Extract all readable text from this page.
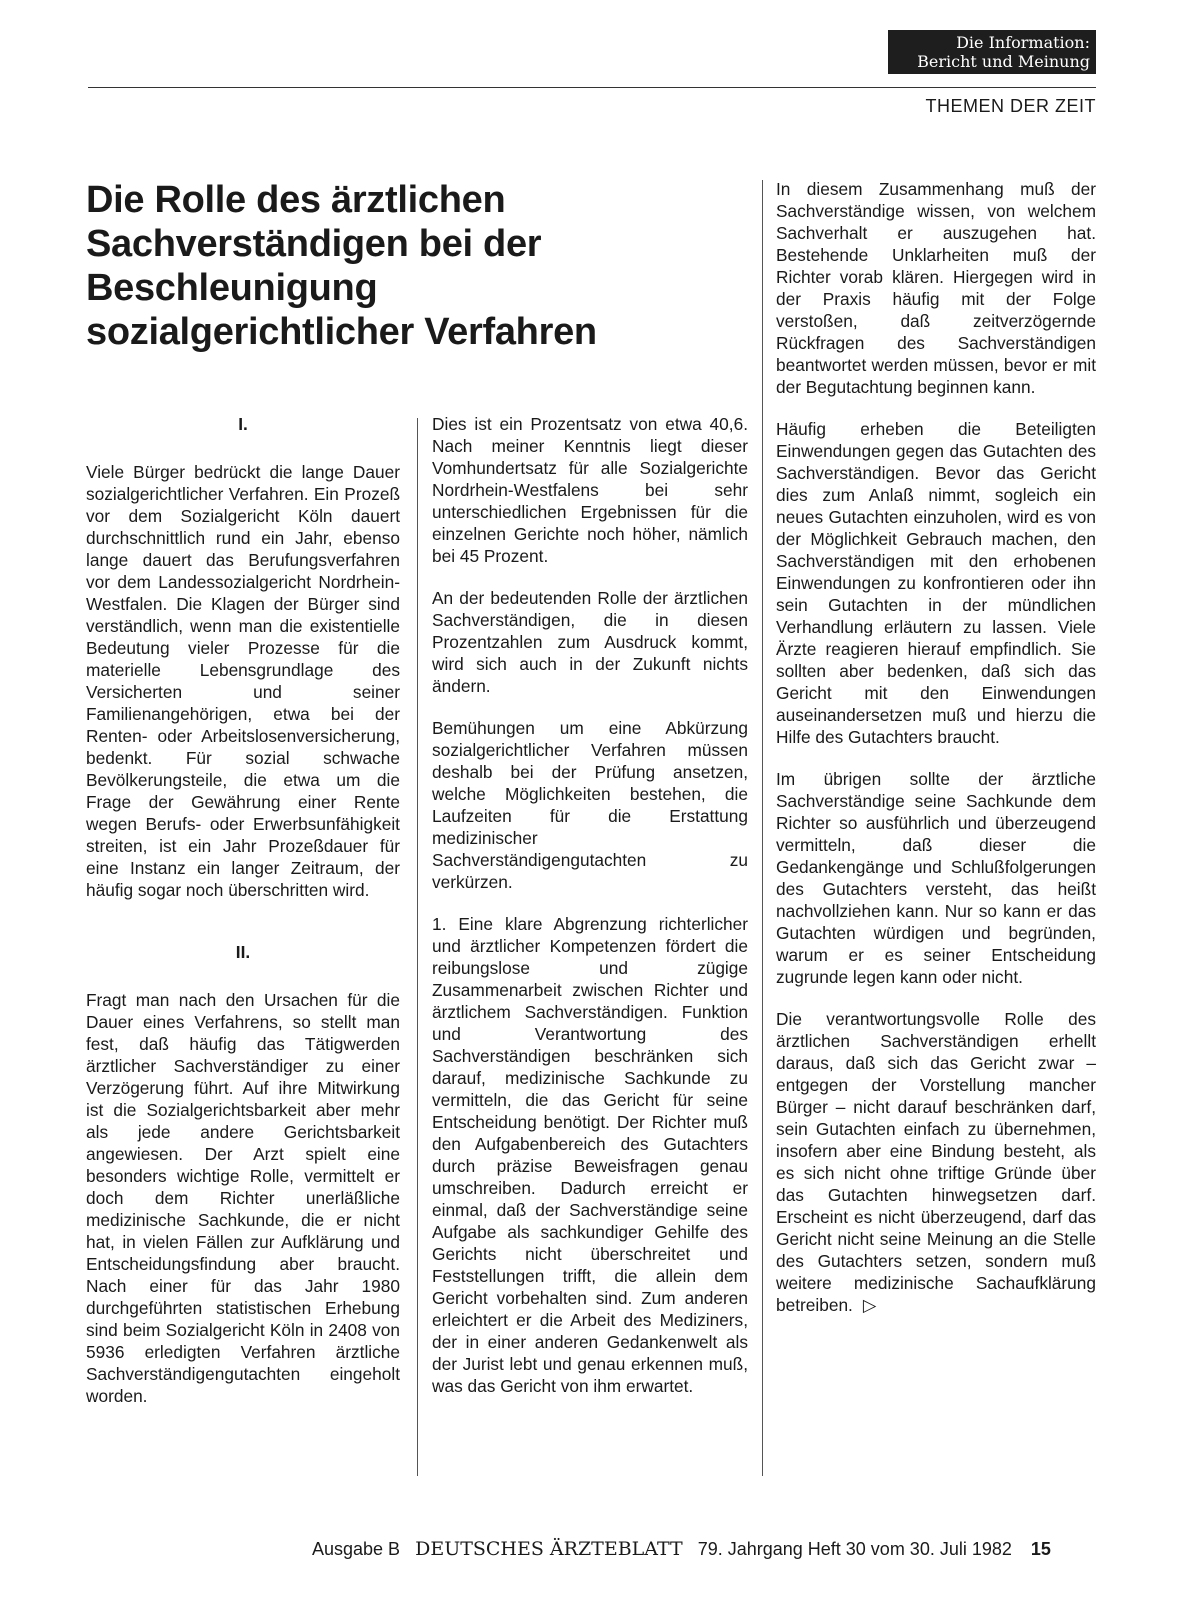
Die Information:
Bericht und Meinung
THEMEN DER ZEIT
Die Rolle des ärztlichen Sachverständigen bei der Beschleunigung sozialgerichtlicher Verfahren
I.

Viele Bürger bedrückt die lange Dauer sozialgerichtlicher Verfahren. Ein Prozeß vor dem Sozialgericht Köln dauert durchschnittlich rund ein Jahr, ebenso lange dauert das Berufungsverfahren vor dem Landessozialgericht Nordrhein-Westfalen. Die Klagen der Bürger sind verständlich, wenn man die existentielle Bedeutung vieler Prozesse für die materielle Lebensgrundlage des Versicherten und seiner Familienangehörigen, etwa bei der Renten- oder Arbeitslosenversicherung, bedenkt. Für sozial schwache Bevölkerungsteile, die etwa um die Frage der Gewährung einer Rente wegen Berufs- oder Erwerbsunfähigkeit streiten, ist ein Jahr Prozeßdauer für eine Instanz ein langer Zeitraum, der häufig sogar noch überschritten wird.

II.

Fragt man nach den Ursachen für die Dauer eines Verfahrens, so stellt man fest, daß häufig das Tätigwerden ärztlicher Sachverständiger zu einer Verzögerung führt. Auf ihre Mitwirkung ist die Sozialgerichtsbarkeit aber mehr als jede andere Gerichtsbarkeit angewiesen. Der Arzt spielt eine besonders wichtige Rolle, vermittelt er doch dem Richter unerläßliche medizinische Sachkunde, die er nicht hat, in vielen Fällen zur Aufklärung und Entscheidungsfindung aber braucht. Nach einer für das Jahr 1980 durchgeführten statistischen Erhebung sind beim Sozialgericht Köln in 2408 von 5936 erledigten Verfahren ärztliche Sachverständigengutachten eingeholt worden.

Dies ist ein Prozentsatz von etwa 40,6. Nach meiner Kenntnis liegt dieser Vomhundertsatz für alle Sozialgerichte Nordrhein-Westfalens bei sehr unterschiedlichen Ergebnissen für die einzelnen Gerichte noch höher, nämlich bei 45 Prozent.

An der bedeutenden Rolle der ärztlichen Sachverständigen, die in diesen Prozentzahlen zum Ausdruck kommt, wird sich auch in der Zukunft nichts ändern.

Bemühungen um eine Abkürzung sozialgerichtlicher Verfahren müssen deshalb bei der Prüfung ansetzen, welche Möglichkeiten bestehen, die Laufzeiten für die Erstattung medizinischer Sachverständigengutachten zu verkürzen.

1. Eine klare Abgrenzung richterlicher und ärztlicher Kompetenzen fördert die reibungslose und zügige Zusammenarbeit zwischen Richter und ärztlichem Sachverständigen. Funktion und Verantwortung des Sachverständigen beschränken sich darauf, medizinische Sachkunde zu vermitteln, die das Gericht für seine Entscheidung benötigt. Der Richter muß den Aufgabenbereich des Gutachters durch präzise Beweisfragen genau umschreiben. Dadurch erreicht er einmal, daß der Sachverständige seine Aufgabe als sachkundiger Gehilfe des Gerichts nicht überschreitet und Feststellungen trifft, die allein dem Gericht vorbehalten sind. Zum anderen erleichtert er die Arbeit des Mediziners, der in einer anderen Gedankenwelt als der Jurist lebt und genau erkennen muß, was das Gericht von ihm erwartet.

In diesem Zusammenhang muß der Sachverständige wissen, von welchem Sachverhalt er auszugehen hat. Bestehende Unklarheiten muß der Richter vorab klären. Hiergegen wird in der Praxis häufig mit der Folge verstoßen, daß zeitverzögernde Rückfragen des Sachverständigen beantwortet werden müssen, bevor er mit der Begutachtung beginnen kann.

Häufig erheben die Beteiligten Einwendungen gegen das Gutachten des Sachverständigen. Bevor das Gericht dies zum Anlaß nimmt, sogleich ein neues Gutachten einzuholen, wird es von der Möglichkeit Gebrauch machen, den Sachverständigen mit den erhobenen Einwendungen zu konfrontieren oder ihn sein Gutachten in der mündlichen Verhandlung erläutern zu lassen. Viele Ärzte reagieren hierauf empfindlich. Sie sollten aber bedenken, daß sich das Gericht mit den Einwendungen auseinandersetzen muß und hierzu die Hilfe des Gutachters braucht.

Im übrigen sollte der ärztliche Sachverständige seine Sachkunde dem Richter so ausführlich und überzeugend vermitteln, daß dieser die Gedankengänge und Schlußfolgerungen des Gutachters versteht, das heißt nachvollziehen kann. Nur so kann er das Gutachten würdigen und begründen, warum er es seiner Entscheidung zugrunde legen kann oder nicht.

Die verantwortungsvolle Rolle des ärztlichen Sachverständigen erhellt daraus, daß sich das Gericht zwar – entgegen der Vorstellung mancher Bürger – nicht darauf beschränken darf, sein Gutachten einfach zu übernehmen, insofern aber eine Bindung besteht, als es sich nicht ohne triftige Gründe über das Gutachten hinwegsetzen darf. Erscheint es nicht überzeugend, darf das Gericht nicht seine Meinung an die Stelle des Gutachters setzen, sondern muß weitere medizinische Sachaufklärung betreiben. ▷

Ausgabe B DEUTSCHES ÄRZTEBLATT 79. Jahrgang Heft 30 vom 30. Juli 1982 15
